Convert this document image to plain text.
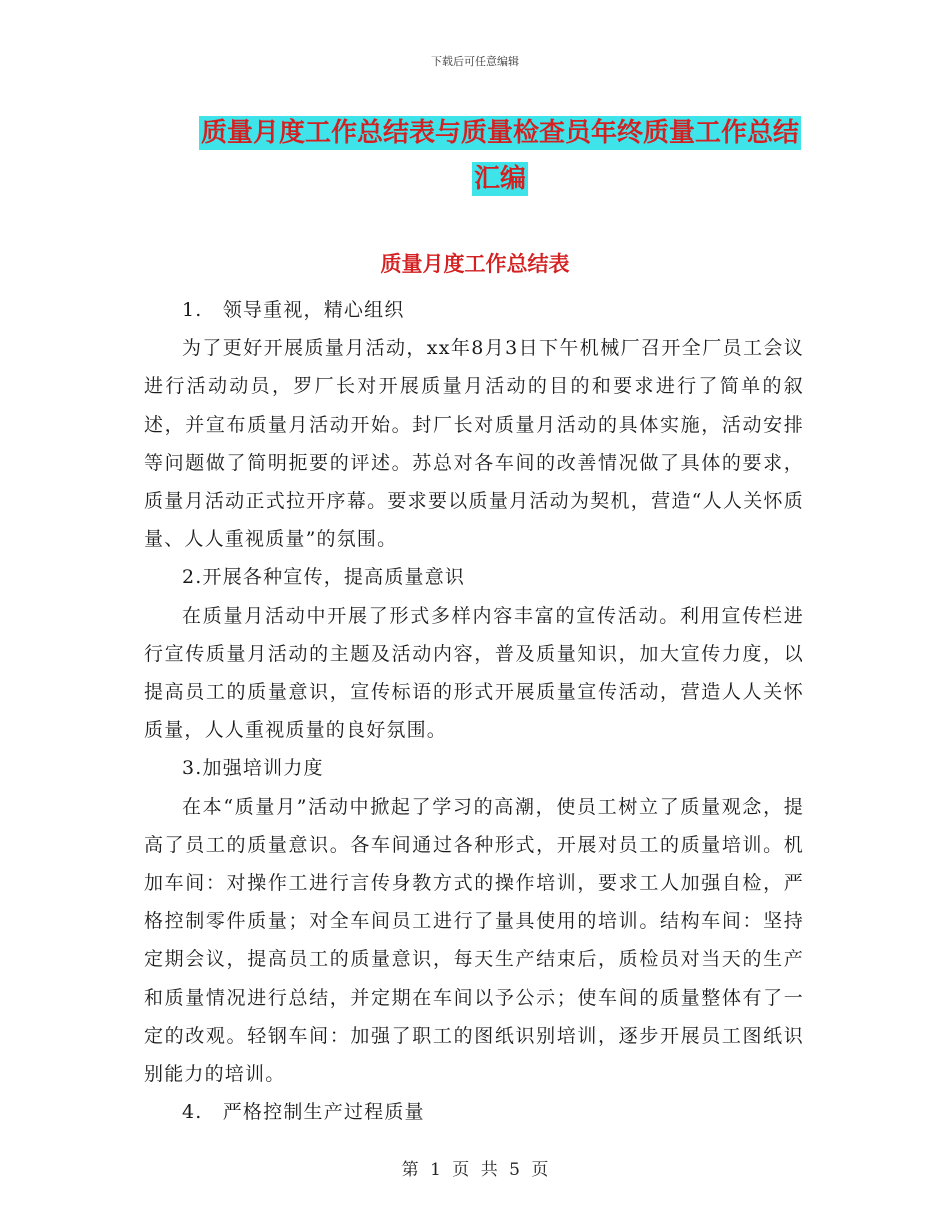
下载后可任意编辑
质量月度工作总结表与质量检查员年终质量工作总结
汇编
质量月度工作总结表

1.　领导重视，精心组织

为了更好开展质量月活动，xx年8月3日下午机械厂召开全厂员工会议进行活动动员，罗厂长对开展质量月活动的目的和要求进行了简单的叙述，并宣布质量月活动开始。封厂长对质量月活动的具体实施，活动安排等问题做了简明扼要的评述。苏总对各车间的改善情况做了具体的要求，质量月活动正式拉开序幕。要求要以质量月活动为契机，营造“人人关怀质量、人人重视质量”的氛围。

2.开展各种宣传，提高质量意识

在质量月活动中开展了形式多样内容丰富的宣传活动。利用宣传栏进行宣传质量月活动的主题及活动内容，普及质量知识，加大宣传力度，以提高员工的质量意识，宣传标语的形式开展质量宣传活动，营造人人关怀质量，人人重视质量的良好氛围。

3.加强培训力度

在本“质量月”活动中掀起了学习的高潮，使员工树立了质量观念，提高了员工的质量意识。各车间通过各种形式，开展对员工的质量培训。机加车间：对操作工进行言传身教方式的操作培训，要求工人加强自检，严格控制零件质量；对全车间员工进行了量具使用的培训。结构车间：坚持定期会议，提高员工的质量意识，每天生产结束后，质检员对当天的生产和质量情况进行总结，并定期在车间以予公示；使车间的质量整体有了一定的改观。轻钢车间：加强了职工的图纸识别培训，逐步开展员工图纸识别能力的培训。

4.　严格控制生产过程质量

第 1 页 共 5 页
